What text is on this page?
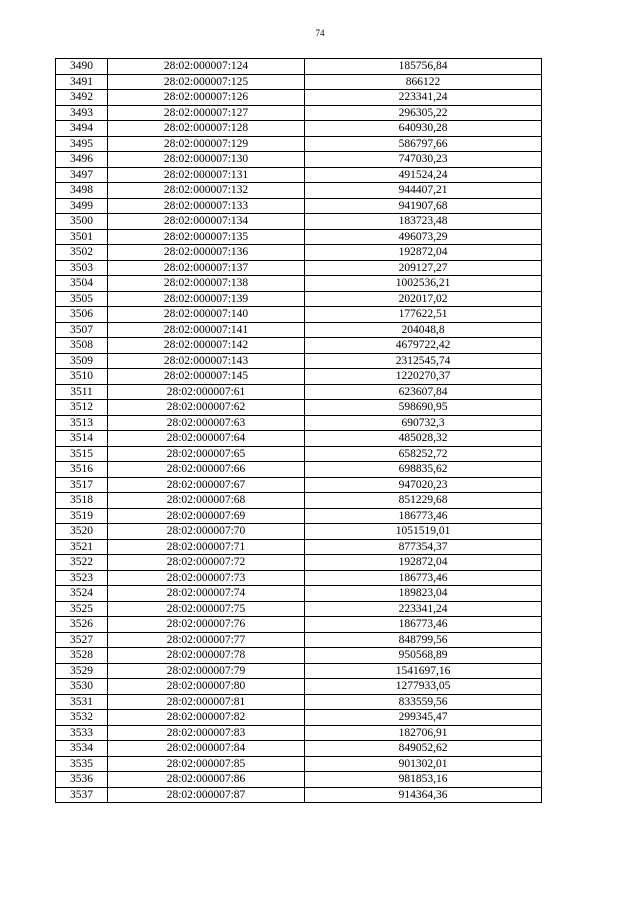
74
3490	28:02:000007:124	185756,84
3491	28:02:000007:125	866122
3492	28:02:000007:126	223341,24
3493	28:02:000007:127	296305,22
3494	28:02:000007:128	640930,28
3495	28:02:000007:129	586797,66
3496	28:02:000007:130	747030,23
3497	28:02:000007:131	491524,24
3498	28:02:000007:132	944407,21
3499	28:02:000007:133	941907,68
3500	28:02:000007:134	183723,48
3501	28:02:000007:135	496073,29
3502	28:02:000007:136	192872,04
3503	28:02:000007:137	209127,27
3504	28:02:000007:138	1002536,21
3505	28:02:000007:139	202017,02
3506	28:02:000007:140	177622,51
3507	28:02:000007:141	204048,8
3508	28:02:000007:142	4679722,42
3509	28:02:000007:143	2312545,74
3510	28:02:000007:145	1220270,37
3511	28:02:000007:61	623607,84
3512	28:02:000007:62	598690,95
3513	28:02:000007:63	690732,3
3514	28:02:000007:64	485028,32
3515	28:02:000007:65	658252,72
3516	28:02:000007:66	698835,62
3517	28:02:000007:67	947020,23
3518	28:02:000007:68	851229,68
3519	28:02:000007:69	186773,46
3520	28:02:000007:70	1051519,01
3521	28:02:000007:71	877354,37
3522	28:02:000007:72	192872,04
3523	28:02:000007:73	186773,46
3524	28:02:000007:74	189823,04
3525	28:02:000007:75	223341,24
3526	28:02:000007:76	186773,46
3527	28:02:000007:77	848799,56
3528	28:02:000007:78	950568,89
3529	28:02:000007:79	1541697,16
3530	28:02:000007:80	1277933,05
3531	28:02:000007:81	833559,56
3532	28:02:000007:82	299345,47
3533	28:02:000007:83	182706,91
3534	28:02:000007:84	849052,62
3535	28:02:000007:85	901302,01
3536	28:02:000007:86	981853,16
3537	28:02:000007:87	914364,36
